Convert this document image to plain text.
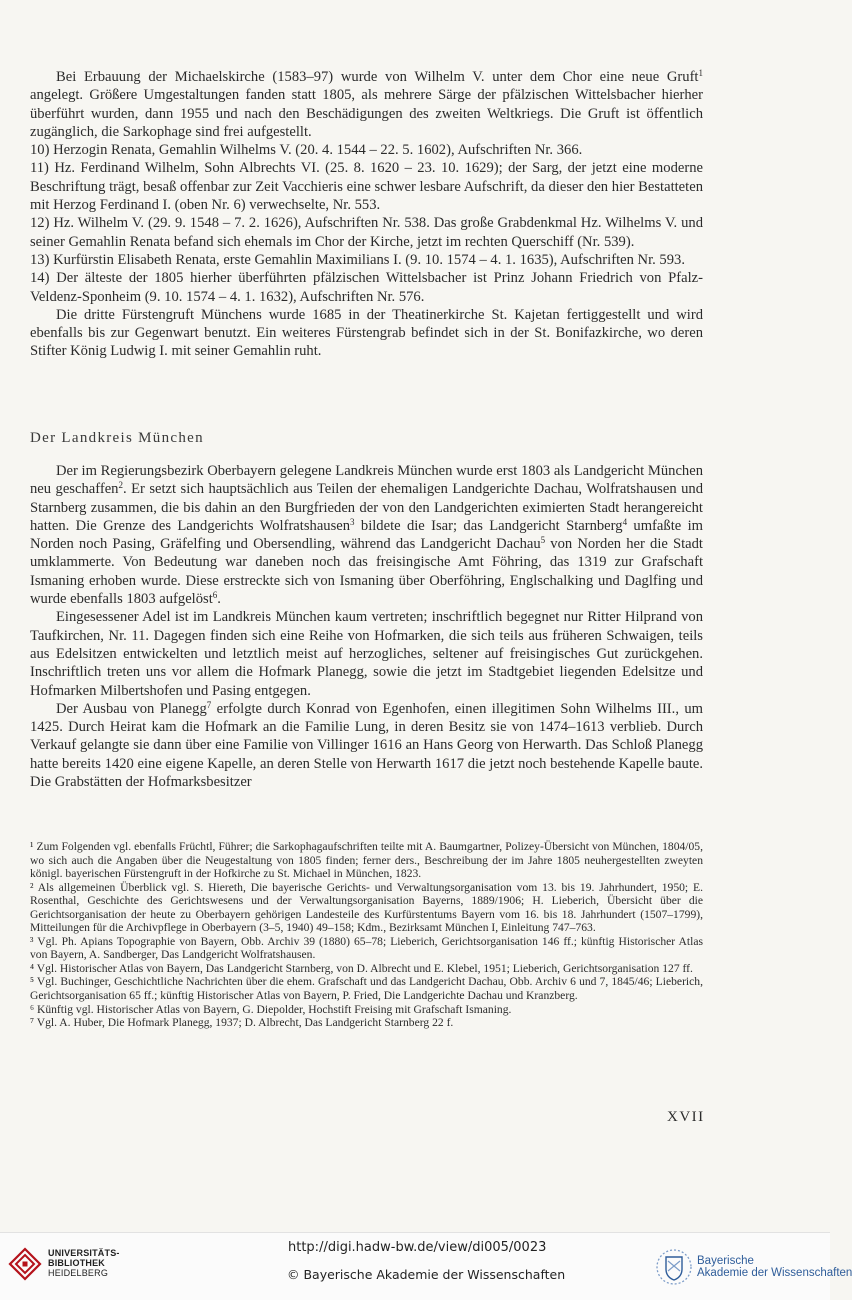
Bei Erbauung der Michaelskirche (1583–97) wurde von Wilhelm V. unter dem Chor eine neue Gruft$^1$ angelegt. Größere Umgestaltungen fanden statt 1805, als mehrere Särge der pfälzischen Wittelsbacher hierher überführt wurden, dann 1955 und nach den Beschädigungen des zweiten Weltkriegs. Die Gruft ist öffentlich zugänglich, die Sarkophage sind frei aufgestellt.

10) Herzogin Renata, Gemahlin Wilhelms V. (20. 4. 1544 – 22. 5. 1602), Aufschriften Nr. 366.

11) Hz. Ferdinand Wilhelm, Sohn Albrechts VI. (25. 8. 1620 – 23. 10. 1629); der Sarg, der jetzt eine moderne Beschriftung trägt, besaß offenbar zur Zeit Vacchieris eine schwer lesbare Aufschrift, da dieser den hier Bestatteten mit Herzog Ferdinand I. (oben Nr. 6) verwechselte, Nr. 553.

12) Hz. Wilhelm V. (29. 9. 1548 – 7. 2. 1626), Aufschriften Nr. 538. Das große Grabdenkmal Hz. Wilhelms V. und seiner Gemahlin Renata befand sich ehemals im Chor der Kirche, jetzt im rechten Querschiff (Nr. 539).

13) Kurfürstin Elisabeth Renata, erste Gemahlin Maximilians I. (9. 10. 1574 – 4. 1. 1635), Aufschriften Nr. 593.

14) Der älteste der 1805 hierher überführten pfälzischen Wittelsbacher ist Prinz Johann Friedrich von Pfalz-Veldenz-Sponheim (9. 10. 1574 – 4. 1. 1632), Aufschriften Nr. 576.

Die dritte Fürstengruft Münchens wurde 1685 in der Theatinerkirche St. Kajetan fertiggestellt und wird ebenfalls bis zur Gegenwart benutzt. Ein weiteres Fürstengrab befindet sich in der St. Bonifazkirche, wo deren Stifter König Ludwig I. mit seiner Gemahlin ruht.

Der Landkreis München

Der im Regierungsbezirk Oberbayern gelegene Landkreis München wurde erst 1803 als Landgericht München neu geschaffen$^2$. Er setzt sich hauptsächlich aus Teilen der ehemaligen Landgerichte Dachau, Wolfratshausen und Starnberg zusammen, die bis dahin an den Burgfrieden der von den Landgerichten eximierten Stadt herangereicht hatten. Die Grenze des Landgerichts Wolfratshausen$^3$ bildete die Isar; das Landgericht Starnberg$^4$ umfaßte im Norden noch Pasing, Gräfelfing und Obersendling, während das Landgericht Dachau$^5$ von Norden her die Stadt umklammerte. Von Bedeutung war daneben noch das freisingische Amt Föhring, das 1319 zur Grafschaft Ismaning erhoben wurde. Diese erstreckte sich von Ismaning über Oberföhring, Englschalking und Daglfing und wurde ebenfalls 1803 aufgelöst$^6$.

Eingesessener Adel ist im Landkreis München kaum vertreten; inschriftlich begegnet nur Ritter Hilprand von Taufkirchen, Nr. 11. Dagegen finden sich eine Reihe von Hofmarken, die sich teils aus früheren Schwaigen, teils aus Edelsitzen entwickelten und letztlich meist auf herzogliches, seltener auf freisingisches Gut zurückgehen. Inschriftlich treten uns vor allem die Hofmark Planegg, sowie die jetzt im Stadtgebiet liegenden Edelsitze und Hofmarken Milbertshofen und Pasing entgegen.

Der Ausbau von Planegg$^7$ erfolgte durch Konrad von Egenhofen, einen illegitimen Sohn Wilhelms III., um 1425. Durch Heirat kam die Hofmark an die Familie Lung, in deren Besitz sie von 1474–1613 verblieb. Durch Verkauf gelangte sie dann über eine Familie von Villinger 1616 an Hans Georg von Herwarth. Das Schloß Planegg hatte bereits 1420 eine eigene Kapelle, an deren Stelle von Herwarth 1617 die jetzt noch bestehende Kapelle baute. Die Grabstätten der Hofmarksbesitzer

¹ Zum Folgenden vgl. ebenfalls Früchtl, Führer; die Sarkophagaufschriften teilte mit A. Baumgartner, Polizey-Übersicht von München, 1804/05, wo sich auch die Angaben über die Neugestaltung von 1805 finden; ferner ders., Beschreibung der im Jahre 1805 neuhergestellten zweyten königl. bayerischen Fürstengruft in der Hofkirche zu St. Michael in München, 1823.

² Als allgemeinen Überblick vgl. S. Hiereth, Die bayerische Gerichts- und Verwaltungsorganisation vom 13. bis 19. Jahrhundert, 1950; E. Rosenthal, Geschichte des Gerichtswesens und der Verwaltungsorganisation Bayerns, 1889/1906; H. Lieberich, Übersicht über die Gerichtsorganisation der heute zu Oberbayern gehörigen Landesteile des Kurfürstentums Bayern vom 16. bis 18. Jahrhundert (1507–1799), Mitteilungen für die Archivpflege in Oberbayern (3–5, 1940) 49–158; Kdm., Bezirksamt München I, Einleitung 747–763.

³ Vgl. Ph. Apians Topographie von Bayern, Obb. Archiv 39 (1880) 65–78; Lieberich, Gerichtsorganisation 146 ff.; künftig Historischer Atlas von Bayern, A. Sandberger, Das Landgericht Wolfratshausen.

⁴ Vgl. Historischer Atlas von Bayern, Das Landgericht Starnberg, von D. Albrecht und E. Klebel, 1951; Lieberich, Gerichtsorganisation 127 ff.

⁵ Vgl. Buchinger, Geschichtliche Nachrichten über die ehem. Grafschaft und das Landgericht Dachau, Obb. Archiv 6 und 7, 1845/46; Lieberich, Gerichtsorganisation 65 ff.; künftig Historischer Atlas von Bayern, P. Fried, Die Landgerichte Dachau und Kranzberg.

⁶ Künftig vgl. Historischer Atlas von Bayern, G. Diepolder, Hochstift Freising mit Grafschaft Ismaning.

⁷ Vgl. A. Huber, Die Hofmark Planegg, 1937; D. Albrecht, Das Landgericht Starnberg 22 f.

XVII
UNIVERSITÄTS-
BIBLIOTHEK
HEIDELBERG
http://digi.hadw-bw.de/view/di005/0023
© Bayerische Akademie der Wissenschaften
Bayerische
Akademie der Wissenschaften
